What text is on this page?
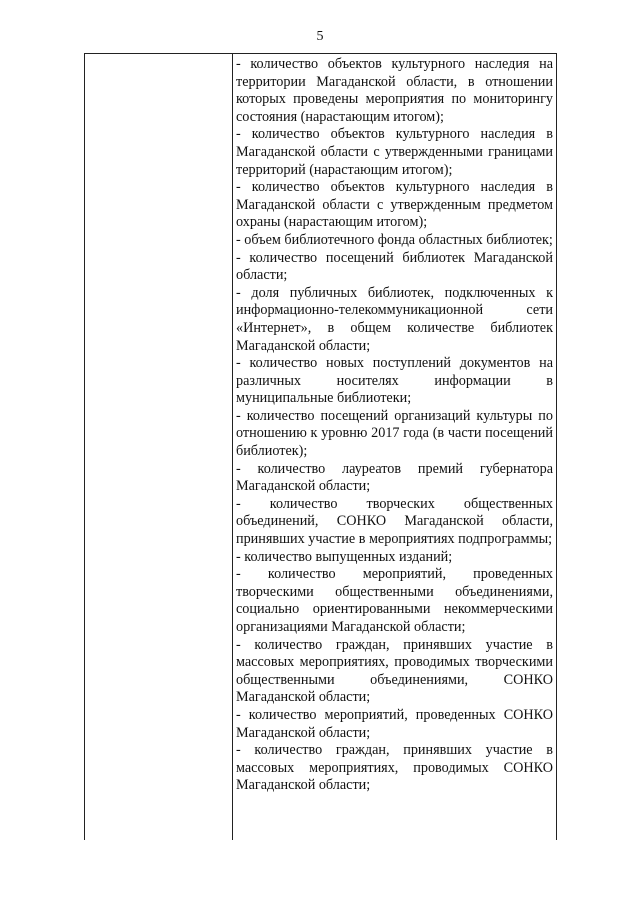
5

- количество объектов культурного наследия на территории Магаданской области, в отношении которых проведены мероприятия по мониторингу состояния (нарастающим итогом);

- количество объектов культурного наследия в Магаданской области с утвержденными границами территорий (нарастающим итогом);

- количество объектов культурного наследия в Магаданской области с утвержденным предметом охраны (нарастающим итогом);

- объем библиотечного фонда областных библиотек;

- количество посещений библиотек Магаданской области;

- доля публичных библиотек, подключенных к информационно-телекоммуникационной сети «Интернет», в общем количестве библиотек Магаданской области;

- количество новых поступлений документов на различных носителях информации в муниципальные библиотеки;

- количество посещений организаций культуры по отношению к уровню 2017 года (в части посещений библиотек);

- количество лауреатов премий губернатора Магаданской области;

- количество творческих общественных объединений, СОНКО Магаданской области, принявших участие в мероприятиях подпрограммы;

- количество выпущенных изданий;

- количество мероприятий, проведенных творческими общественными объединениями, социально ориентированными некоммерческими организациями Магаданской области;

- количество граждан, принявших участие в массовых мероприятиях, проводимых творческими общественными объединениями, СОНКО Магаданской области;

- количество мероприятий, проведенных СОНКО Магаданской области;

- количество граждан, принявших участие в массовых мероприятиях, проводимых СОНКО Магаданской области;
